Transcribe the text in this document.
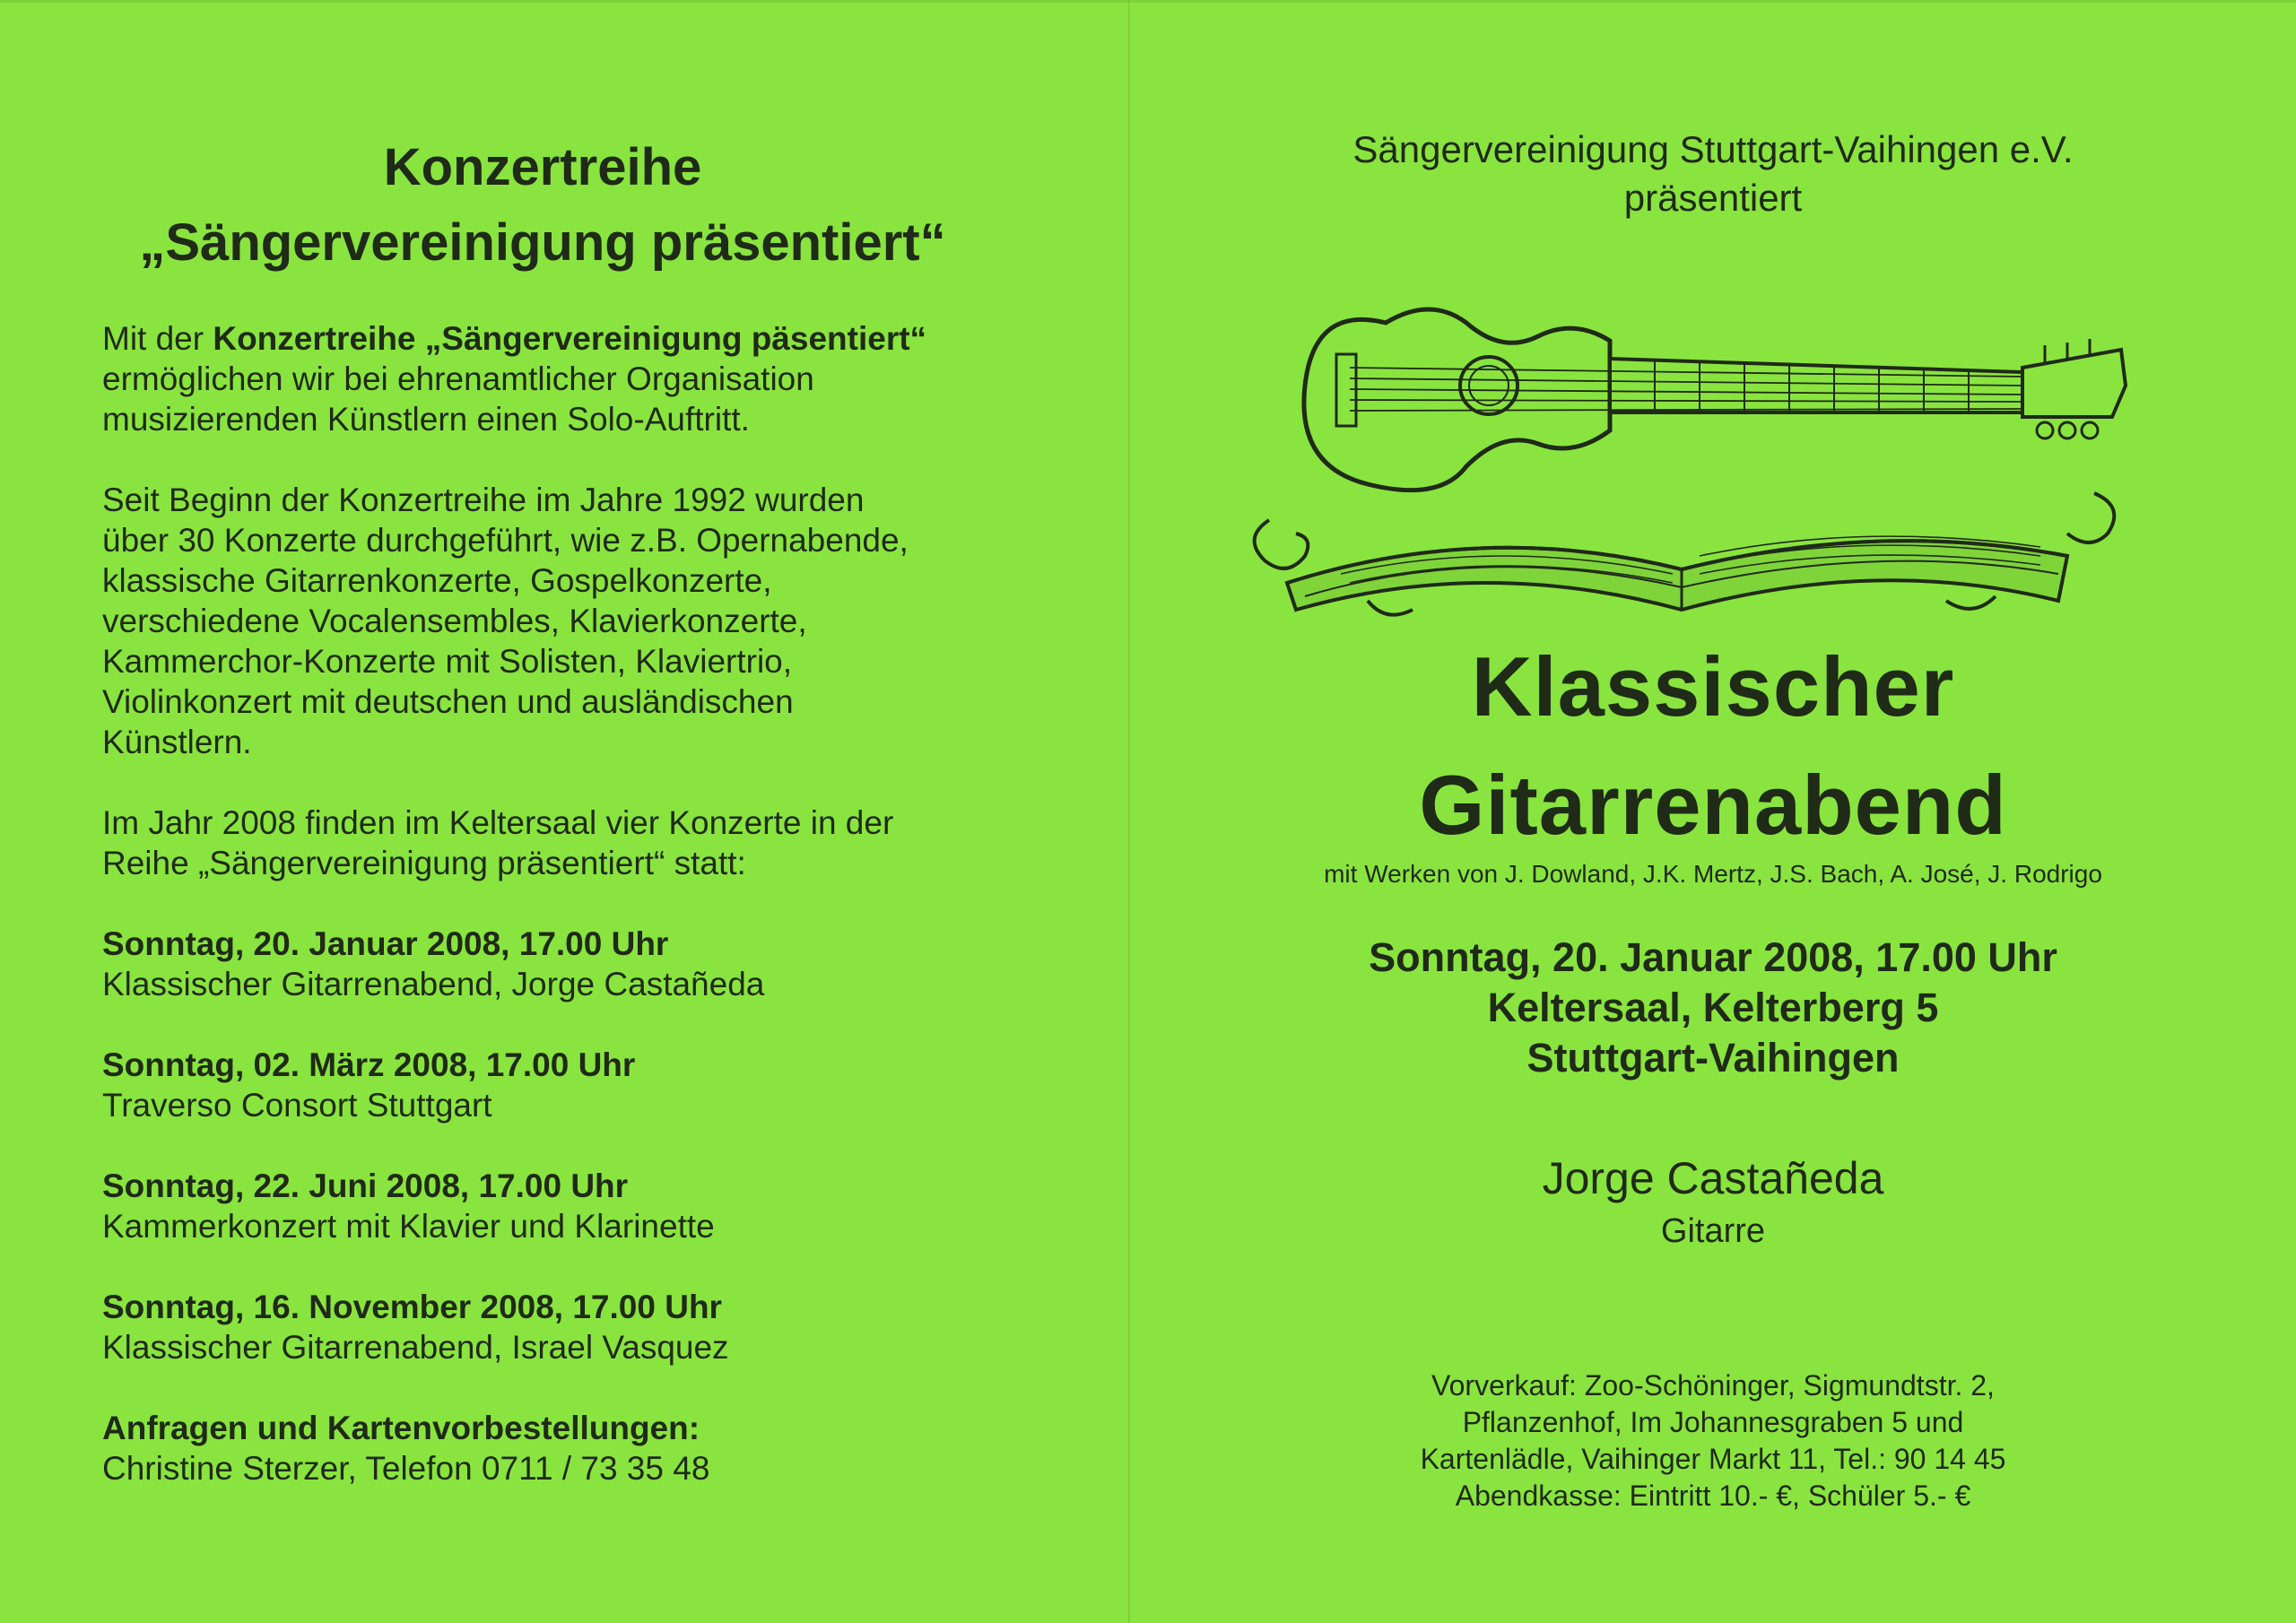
Konzertreihe
„Sängervereinigung präsentiert“

Mit der Konzertreihe „Sängervereinigung päsentiert“
ermöglichen wir bei ehrenamtlicher Organisation
musizierenden Künstlern einen Solo-Auftritt.

Seit Beginn der Konzertreihe im Jahre 1992 wurden
über 30 Konzerte durchgeführt, wie z.B. Opernabende,
klassische Gitarrenkonzerte, Gospelkonzerte,
verschiedene Vocalensembles, Klavierkonzerte,
Kammerchor-Konzerte mit Solisten, Klaviertrio,
Violinkonzert mit deutschen und ausländischen
Künstlern.

Im Jahr 2008 finden im Keltersaal vier Konzerte in der
Reihe „Sängervereinigung präsentiert“ statt:

Sonntag, 20. Januar 2008, 17.00 Uhr
Klassischer Gitarrenabend, Jorge Castañeda
Sonntag, 02. März 2008, 17.00 Uhr
Traverso Consort Stuttgart
Sonntag, 22. Juni 2008, 17.00 Uhr
Kammerkonzert mit Klavier und Klarinette
Sonntag, 16. November 2008, 17.00 Uhr
Klassischer Gitarrenabend, Israel Vasquez
Anfragen und Kartenvorbestellungen:
Christine Sterzer, Telefon 0711 / 73 35 48
Sängervereinigung Stuttgart-Vaihingen e.V.
präsentiert
Klassischer
Gitarrenabend
mit Werken von J. Dowland, J.K. Mertz, J.S. Bach, A. José, J. Rodrigo
Sonntag, 20. Januar 2008, 17.00 Uhr
Keltersaal, Kelterberg 5
Stuttgart-Vaihingen
Jorge Castañeda
Gitarre
Vorverkauf: Zoo-Schöninger, Sigmundtstr. 2,
Pflanzenhof, Im Johannesgraben 5 und
Kartenlädle, Vaihinger Markt 11, Tel.: 90 14 45
Abendkasse: Eintritt 10.- €, Schüler 5.- €
